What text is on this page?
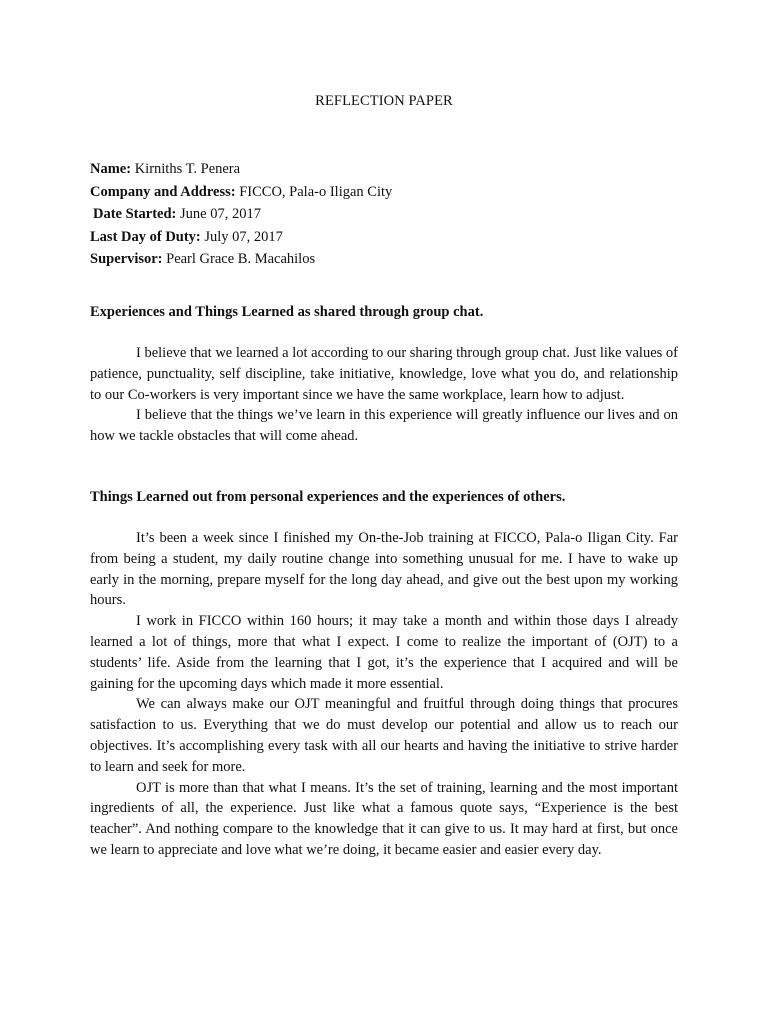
REFLECTION PAPER
Name: Kirniths T. Penera
Company and Address: FICCO, Pala-o Iligan City
Date Started: June 07, 2017
Last Day of Duty: July 07, 2017
Supervisor: Pearl Grace B. Macahilos
Experiences and Things Learned as shared through group chat.

I believe that we learned a lot according to our sharing through group chat. Just like values of patience, punctuality, self discipline, take initiative, knowledge, love what you do, and relationship to our Co-workers is very important since we have the same workplace, learn how to adjust.

I believe that the things we’ve learn in this experience will greatly influence our lives and on how we tackle obstacles that will come ahead.

Things Learned out from personal experiences and the experiences of others.

It’s been a week since I finished my On-the-Job training at FICCO, Pala-o Iligan City. Far from being a student, my daily routine change into something unusual for me. I have to wake up early in the morning, prepare myself for the long day ahead, and give out the best upon my working hours.

I work in FICCO within 160 hours; it may take a month and within those days I already learned a lot of things, more that what I expect. I come to realize the important of (OJT) to a students’ life. Aside from the learning that I got, it’s the experience that I acquired and will be gaining for the upcoming days which made it more essential.

We can always make our OJT meaningful and fruitful through doing things that procures satisfaction to us. Everything that we do must develop our potential and allow us to reach our objectives. It’s accomplishing every task with all our hearts and having the initiative to strive harder to learn and seek for more.

OJT is more than that what I means. It’s the set of training, learning and the most important ingredients of all, the experience. Just like what a famous quote says, “Experience is the best teacher”. And nothing compare to the knowledge that it can give to us. It may hard at first, but once we learn to appreciate and love what we’re doing, it became easier and easier every day.
